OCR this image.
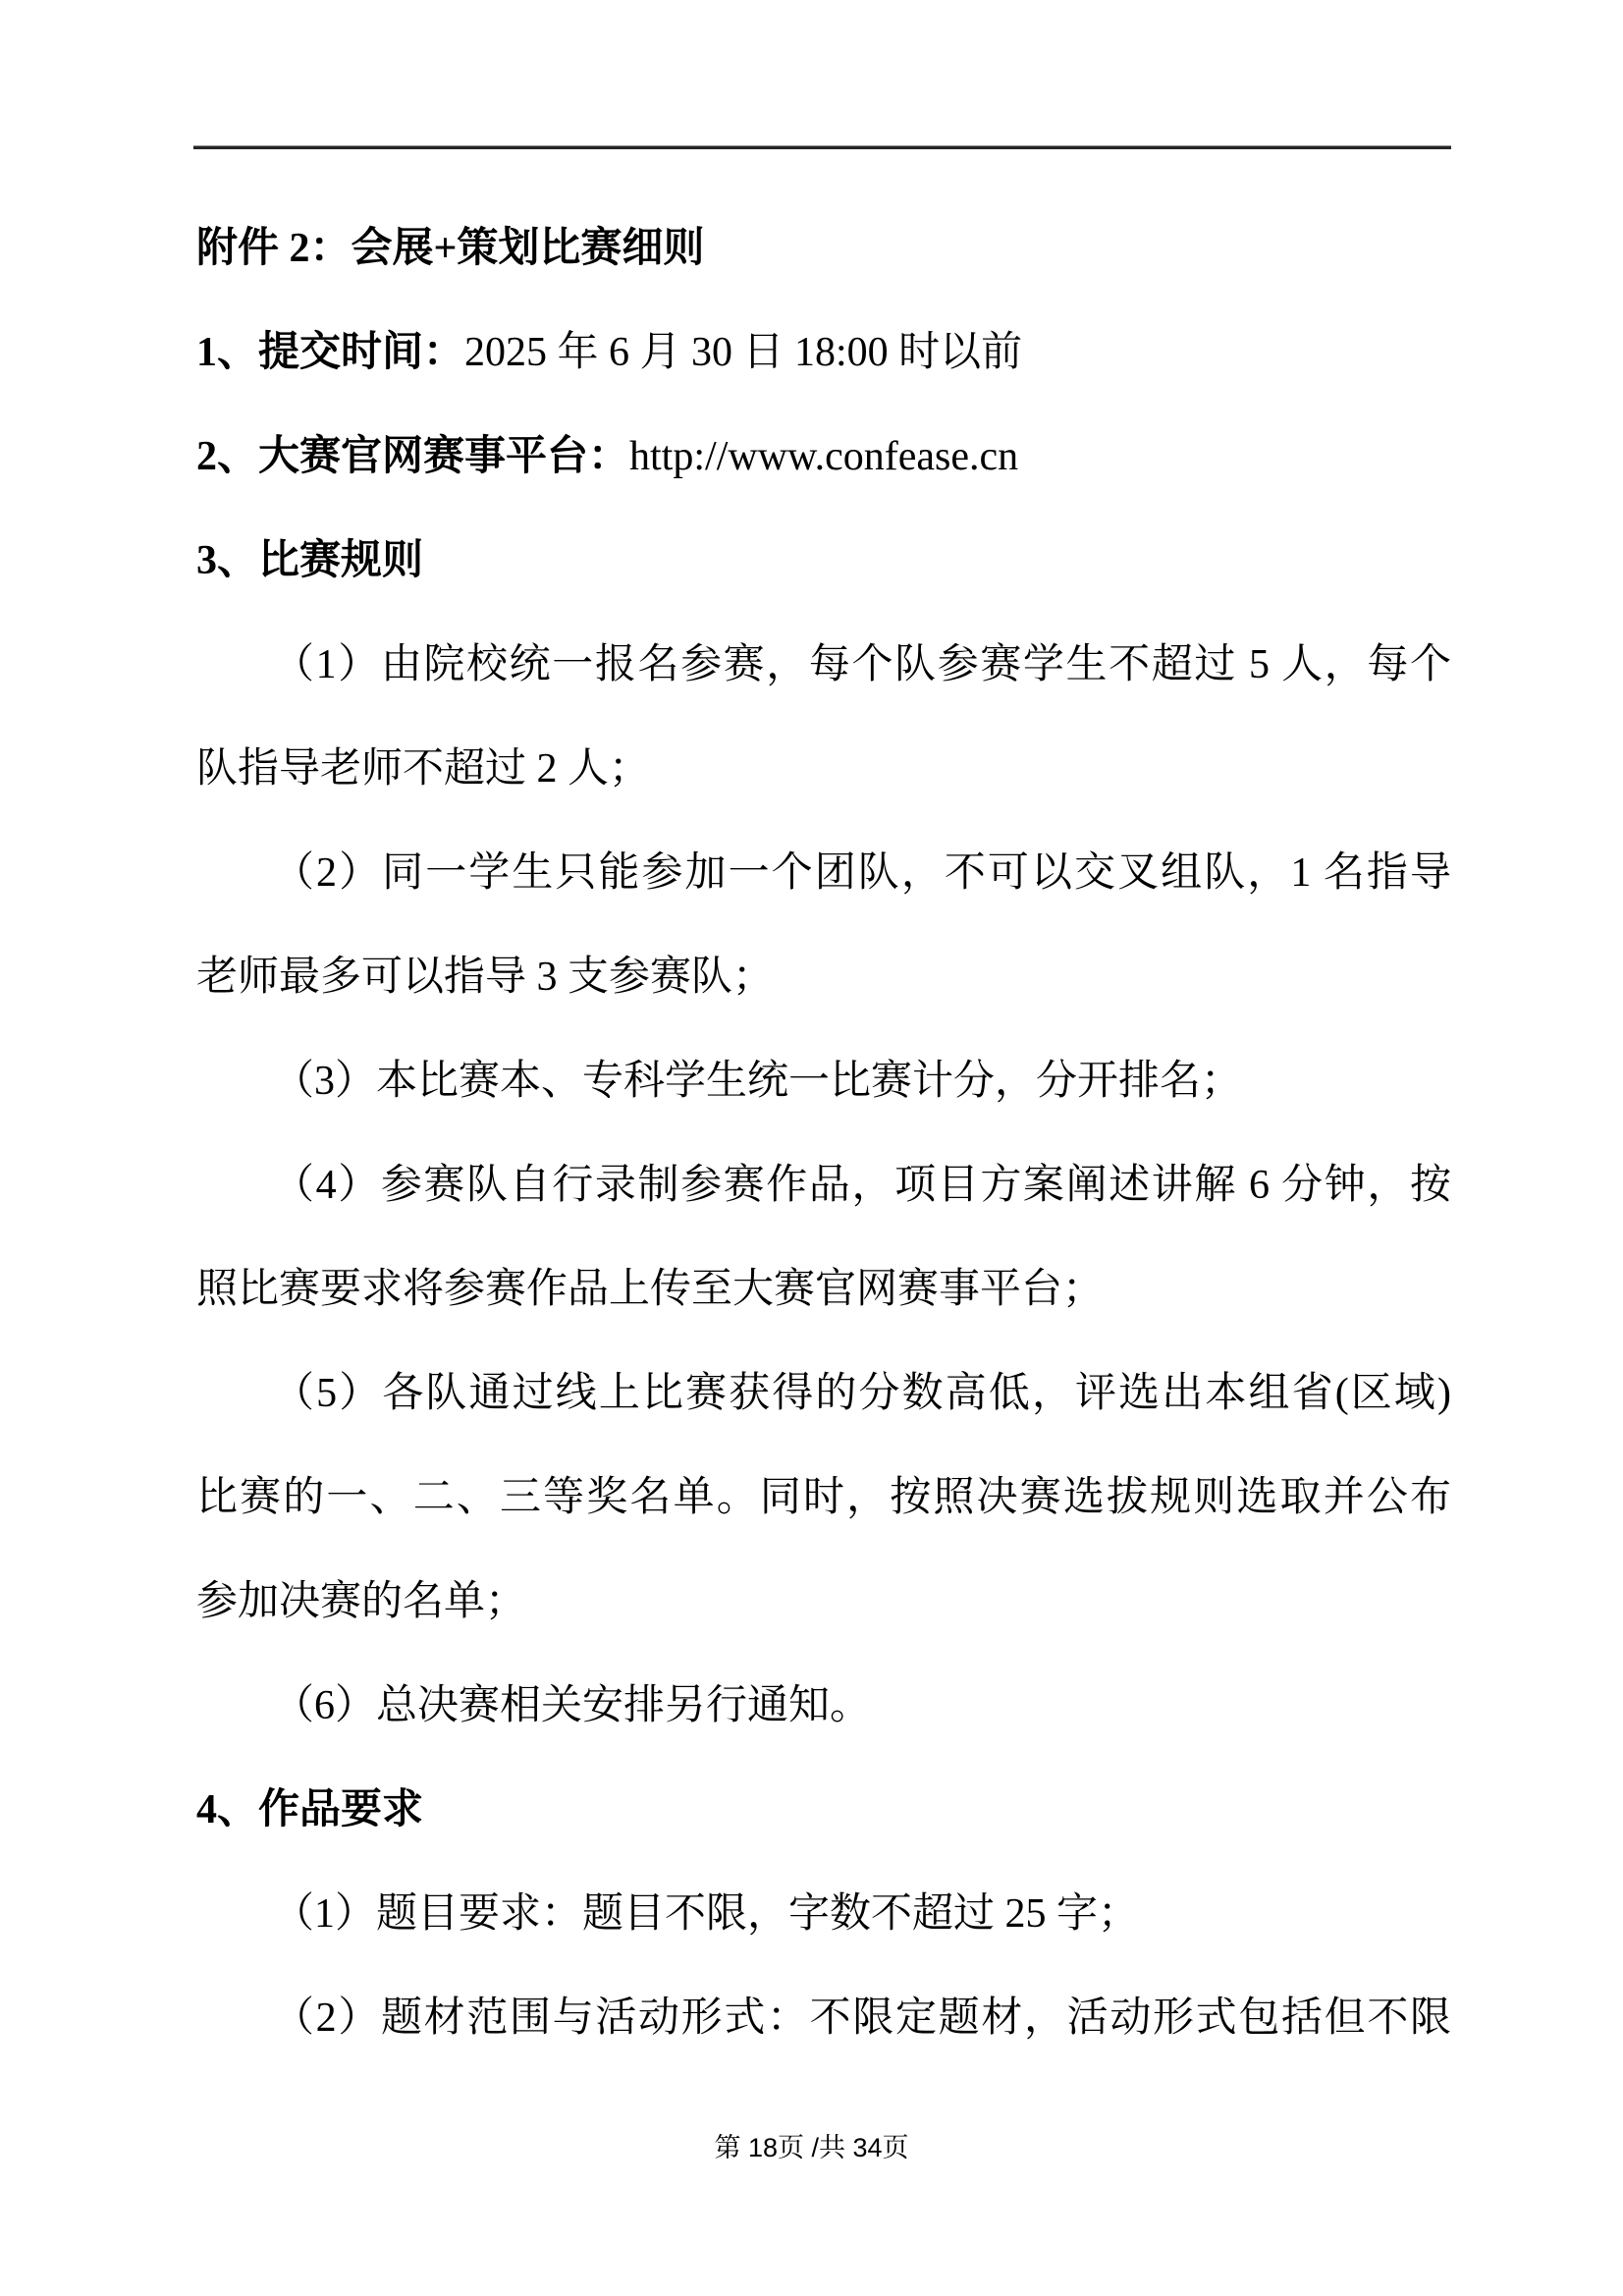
附件 2：会展+策划比赛细则
1、提交时间：2025 年 6 月 30 日 18:00 时以前
2、大赛官网赛事平台：http://www.confease.cn
3、比赛规则
（1）由院校统一报名参赛，每个队参赛学生不超过 5 人，每个
队指导老师不超过 2 人；
（2）同一学生只能参加一个团队，不可以交叉组队，1 名指导
老师最多可以指导 3 支参赛队；
（3）本比赛本、专科学生统一比赛计分，分开排名；
（4）参赛队自行录制参赛作品，项目方案阐述讲解 6 分钟，按
照比赛要求将参赛作品上传至大赛官网赛事平台；
（5）各队通过线上比赛获得的分数高低，评选出本组省(区域)
比赛的一、二、三等奖名单。同时，按照决赛选拔规则选取并公布
参加决赛的名单；
（6）总决赛相关安排另行通知。
4、作品要求
（1）题目要求：题目不限，字数不超过 25 字；
（2）题材范围与活动形式：不限定题材，活动形式包括但不限
第 18页 /共 34页
